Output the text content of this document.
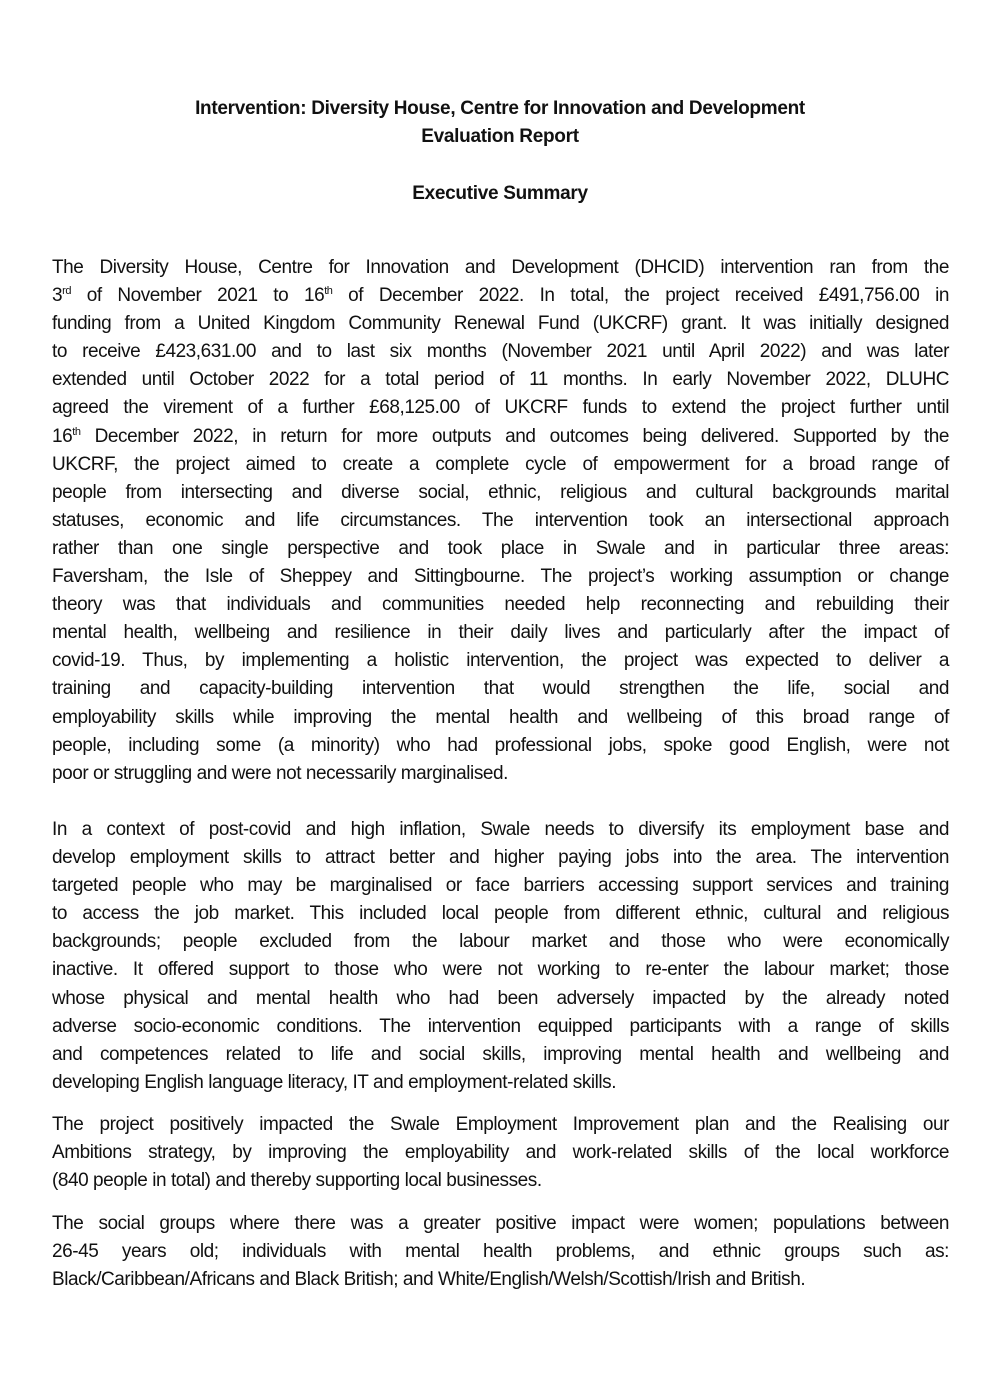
Intervention: Diversity House, Centre for Innovation and Development
Evaluation Report
Executive Summary
The Diversity House, Centre for Innovation and Development (DHCID) intervention ran from the
3rd of November 2021 to 16th of December 2022. In total, the project received £491,756.00 in
funding from a United Kingdom Community Renewal Fund (UKCRF) grant. It was initially designed
to receive £423,631.00 and to last six months (November 2021 until April 2022) and was later
extended until October 2022 for a total period of 11 months. In early November 2022, DLUHC
agreed the virement of a further £68,125.00 of UKCRF funds to extend the project further until
16th December 2022, in return for more outputs and outcomes being delivered. Supported by the
UKCRF, the project aimed to create a complete cycle of empowerment for a broad range of
people from intersecting and diverse social, ethnic, religious and cultural backgrounds marital
statuses, economic and life circumstances. The intervention took an intersectional approach
rather than one single perspective and took place in Swale and in particular three areas:
Faversham, the Isle of Sheppey and Sittingbourne. The project’s working assumption or change
theory was that individuals and communities needed help reconnecting and rebuilding their
mental health, wellbeing and resilience in their daily lives and particularly after the impact of
covid-19. Thus, by implementing a holistic intervention, the project was expected to deliver a
training and capacity-building intervention that would strengthen the life, social and
employability skills while improving the mental health and wellbeing of this broad range of
people, including some (a minority) who had professional jobs, spoke good English, were not
poor or struggling and were not necessarily marginalised.
In a context of post-covid and high inflation, Swale needs to diversify its employment base and
develop employment skills to attract better and higher paying jobs into the area. The intervention
targeted people who may be marginalised or face barriers accessing support services and training
to access the job market. This included local people from different ethnic, cultural and religious
backgrounds; people excluded from the labour market and those who were economically
inactive. It offered support to those who were not working to re-enter the labour market; those
whose physical and mental health who had been adversely impacted by the already noted
adverse socio-economic conditions. The intervention equipped participants with a range of skills
and competences related to life and social skills, improving mental health and wellbeing and
developing English language literacy, IT and employment-related skills.
The project positively impacted the Swale Employment Improvement plan and the Realising our
Ambitions strategy, by improving the employability and work-related skills of the local workforce
(840 people in total) and thereby supporting local businesses.
The social groups where there was a greater positive impact were women; populations between
26-45 years old; individuals with mental health problems, and ethnic groups such as:
Black/Caribbean/Africans and Black British; and White/English/Welsh/Scottish/Irish and British.
